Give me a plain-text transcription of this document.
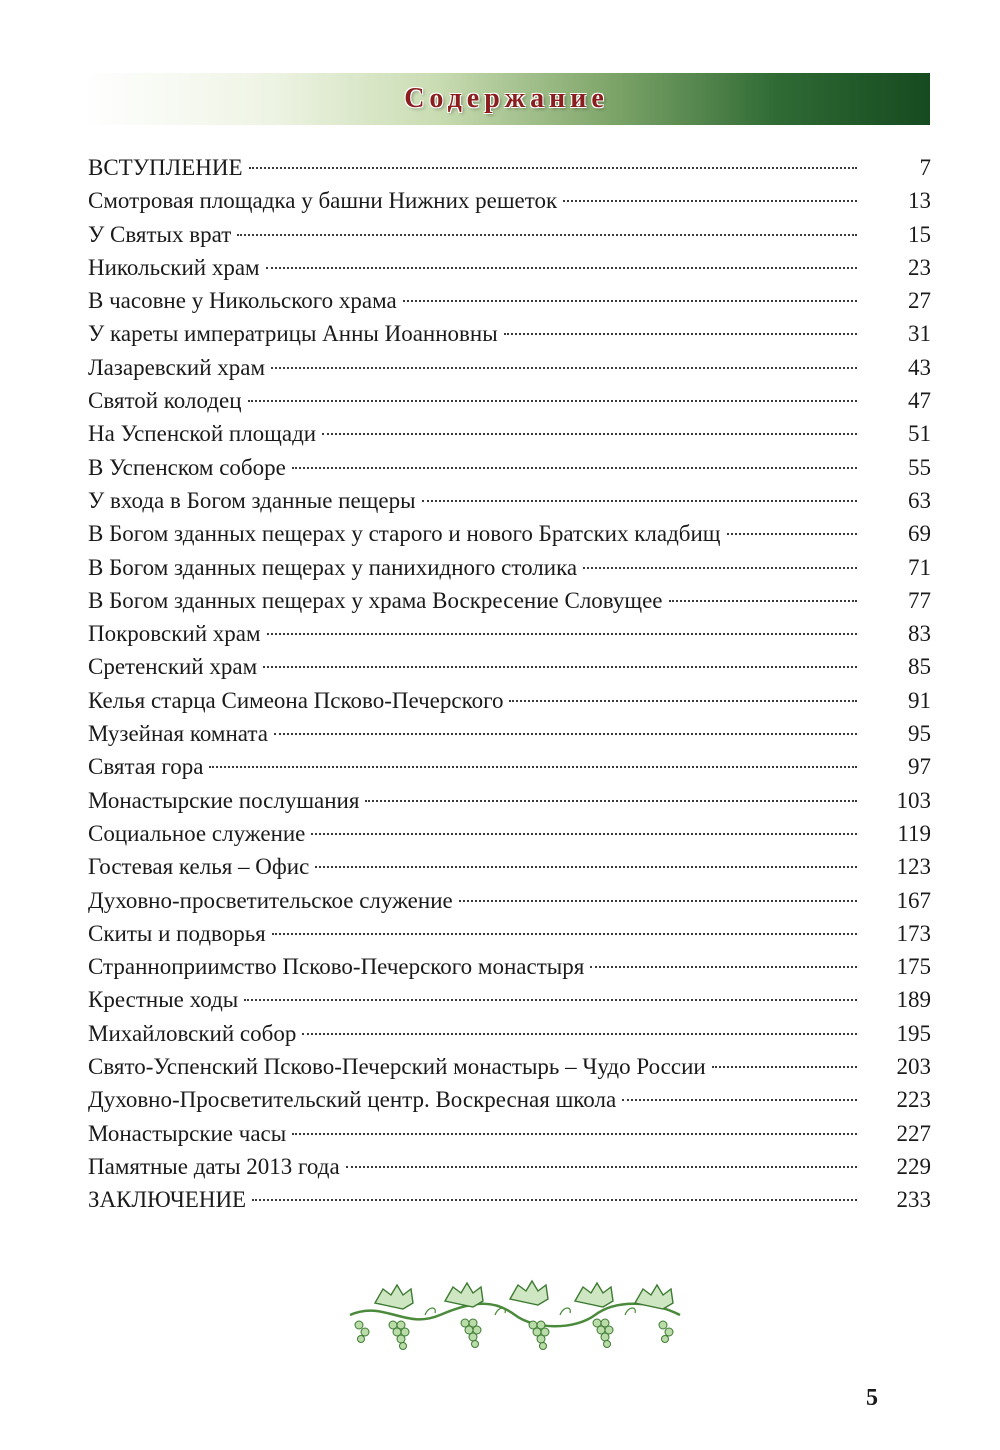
Содержание
ВСТУПЛЕНИЕ	7
Смотровая площадка у башни Нижних решеток	13
У Святых врат	15
Никольский храм	23
В часовне у Никольского храма	27
У кареты императрицы Анны Иоанновны	31
Лазаревский храм	43
Святой колодец	47
На Успенской площади	51
В Успенском соборе	55
У входа в Богом зданные пещеры	63
В Богом зданных пещерах у старого и нового Братских кладбищ	69
В Богом зданных пещерах у панихидного столика	71
В Богом зданных пещерах у храма Воскресение Словущее	77
Покровский храм	83
Сретенский храм	85
Келья старца Симеона Псково-Печерского	91
Музейная комната	95
Святая гора	97
Монастырские послушания	103
Социальное служение	119
Гостевая келья – Офис	123
Духовно-просветительское служение	167
Скиты и подворья	173
Странноприимство Псково-Печерского монастыря	175
Крестные ходы	189
Михайловский собор	195
Свято-Успенский Псково-Печерский монастырь – Чудо России	203
Духовно-Просветительский центр. Воскресная школа	223
Монастырские часы	227
Памятные даты 2013 года	229
ЗАКЛЮЧЕНИЕ	233
5
